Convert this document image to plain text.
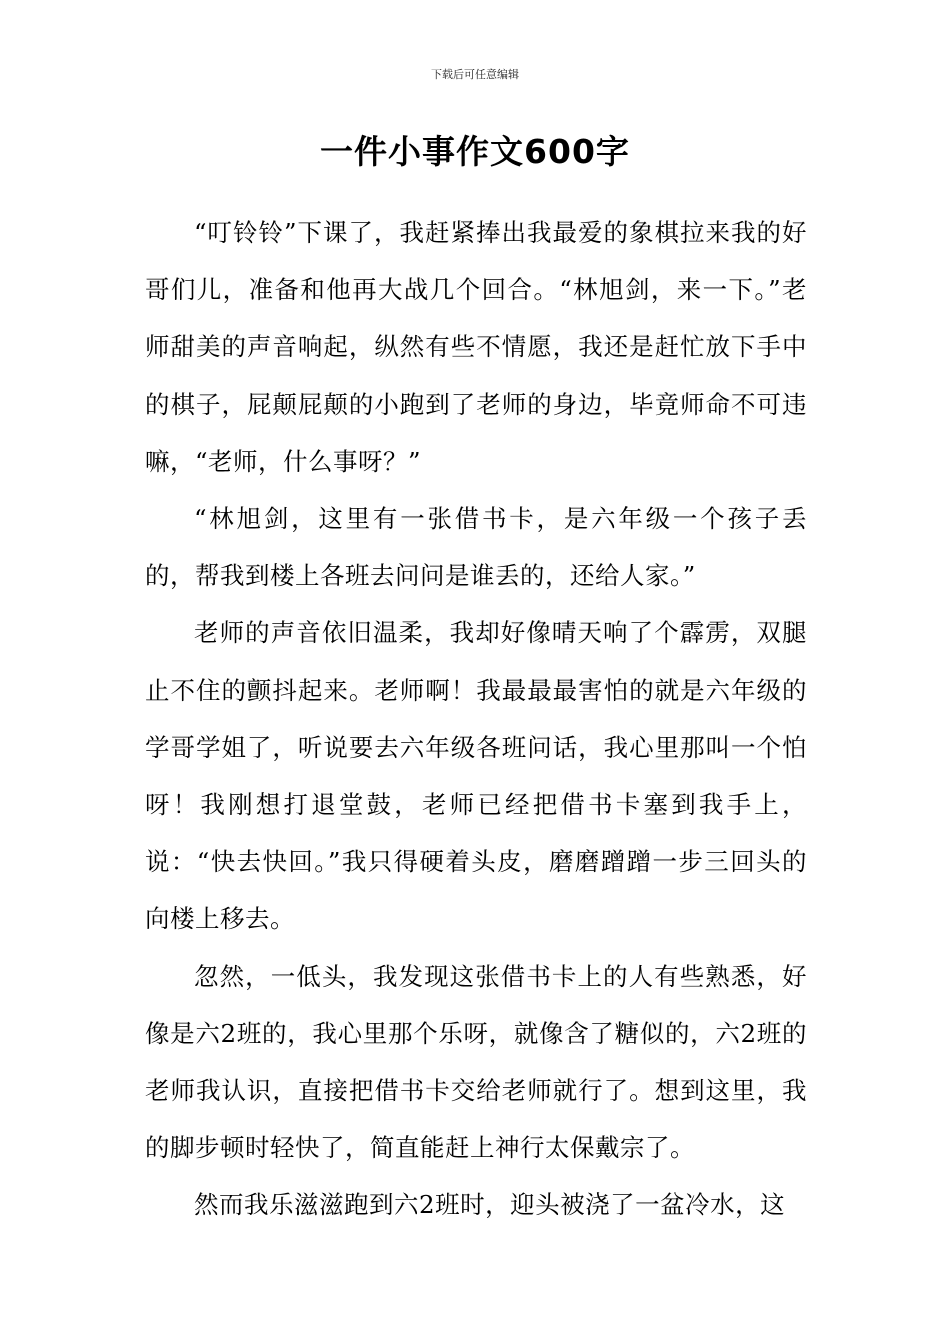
下载后可任意编辑
一件小事作文600字

“叮铃铃”下课了，我赶紧捧出我最爱的象棋拉来我的好哥们儿，准备和他再大战几个回合。“林旭剑，来一下。”老师甜美的声音响起，纵然有些不情愿，我还是赶忙放下手中的棋子，屁颠屁颠的小跑到了老师的身边，毕竟师命不可违嘛，“老师，什么事呀？”

“林旭剑，这里有一张借书卡，是六年级一个孩子丢的，帮我到楼上各班去问问是谁丢的，还给人家。”

老师的声音依旧温柔，我却好像晴天响了个霹雳，双腿止不住的颤抖起来。老师啊！我最最最害怕的就是六年级的学哥学姐了，听说要去六年级各班问话，我心里那叫一个怕呀！我刚想打退堂鼓，老师已经把借书卡塞到我手上，说：“快去快回。”我只得硬着头皮，磨磨蹭蹭一步三回头的向楼上移去。

忽然，一低头，我发现这张借书卡上的人有些熟悉，好像是六2班的，我心里那个乐呀，就像含了糖似的，六2班的老师我认识，直接把借书卡交给老师就行了。想到这里，我的脚步顿时轻快了，简直能赶上神行太保戴宗了。

然而我乐滋滋跑到六2班时，迎头被浇了一盆冷水，这
